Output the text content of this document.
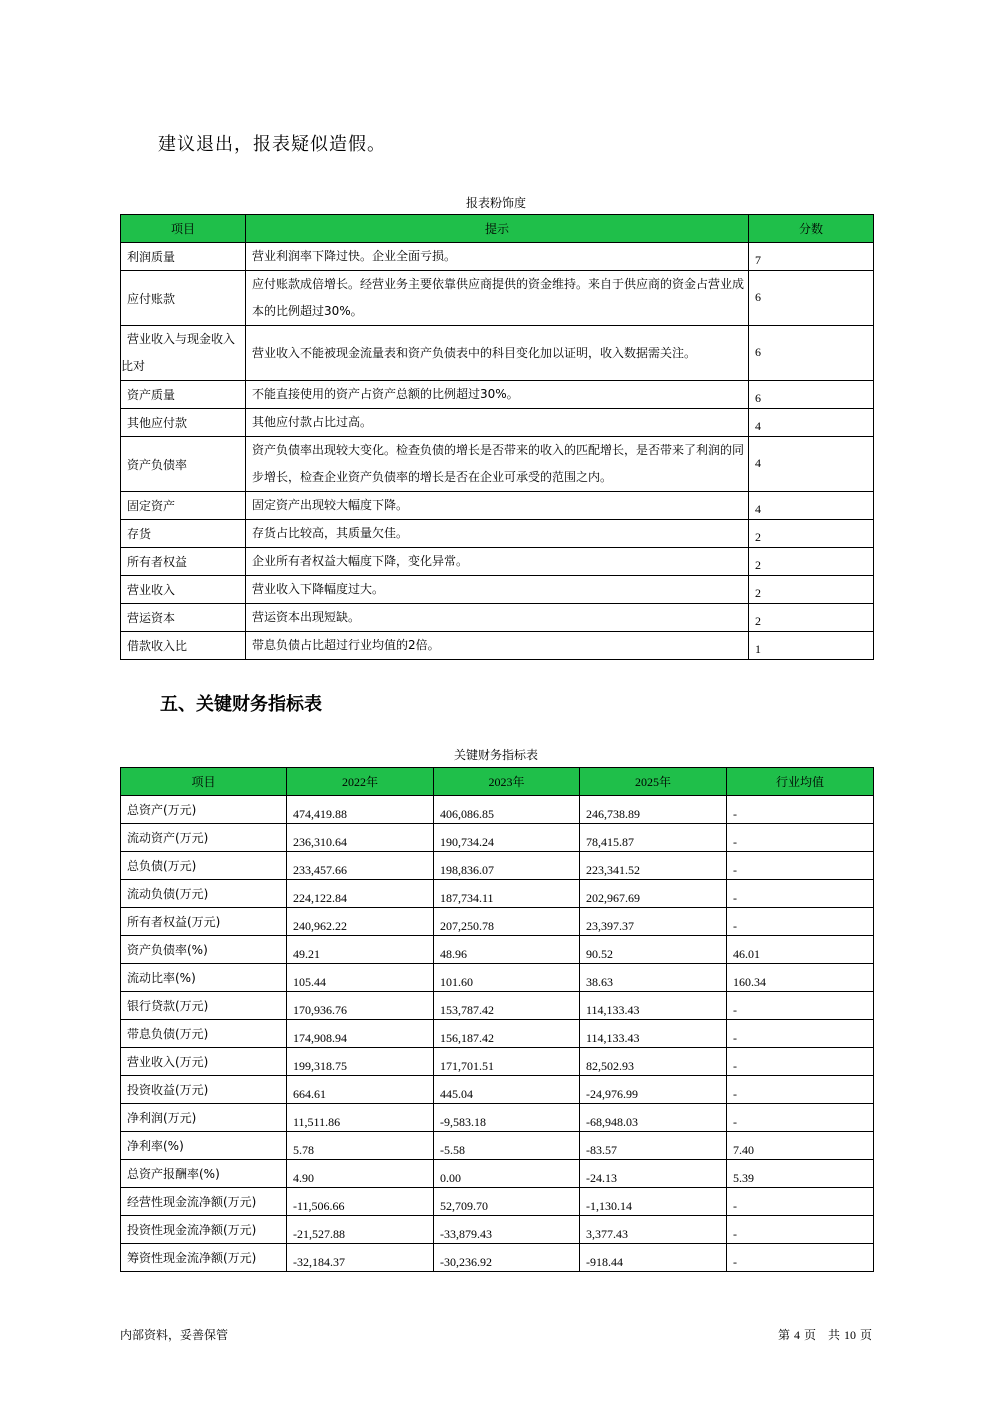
建议退出，报表疑似造假。
报表粉饰度
项目	提示	分数
利润质量	营业利润率下降过快。企业全面亏损。	7
应付账款	应付账款成倍增长。经营业务主要依靠供应商提供的资金维持。来自于供应商的资金占营业成本的比例超过30%。	6
营业收入与现金收入比对	营业收入不能被现金流量表和资产负债表中的科目变化加以证明，收入数据需关注。	6
资产质量	不能直接使用的资产占资产总额的比例超过30%。	6
其他应付款	其他应付款占比过高。	4
资产负债率	资产负债率出现较大变化。检查负债的增长是否带来的收入的匹配增长，是否带来了利润的同步增长，检查企业资产负债率的增长是否在企业可承受的范围之内。	4
固定资产	固定资产出现较大幅度下降。	4
存货	存货占比较高，其质量欠佳。	2
所有者权益	企业所有者权益大幅度下降，变化异常。	2
营业收入	营业收入下降幅度过大。	2
营运资本	营运资本出现短缺。	2
借款收入比	带息负债占比超过行业均值的2倍。	1
五、关键财务指标表
关键财务指标表
项目	2022年	2023年	2025年	行业均值
总资产(万元)	474,419.88	406,086.85	246,738.89	-
流动资产(万元)	236,310.64	190,734.24	78,415.87	-
总负债(万元)	233,457.66	198,836.07	223,341.52	-
流动负债(万元)	224,122.84	187,734.11	202,967.69	-
所有者权益(万元)	240,962.22	207,250.78	23,397.37	-
资产负债率(%)	49.21	48.96	90.52	46.01
流动比率(%)	105.44	101.60	38.63	160.34
银行贷款(万元)	170,936.76	153,787.42	114,133.43	-
带息负债(万元)	174,908.94	156,187.42	114,133.43	-
营业收入(万元)	199,318.75	171,701.51	82,502.93	-
投资收益(万元)	664.61	445.04	-24,976.99	-
净利润(万元)	11,511.86	-9,583.18	-68,948.03	-
净利率(%)	5.78	-5.58	-83.57	7.40
总资产报酬率(%)	4.90	0.00	-24.13	5.39
经营性现金流净额(万元)	-11,506.66	52,709.70	-1,130.14	-
投资性现金流净额(万元)	-21,527.88	-33,879.43	3,377.43	-
筹资性现金流净额(万元)	-32,184.37	-30,236.92	-918.44	-
内部资料，妥善保管	第 4 页　共 10 页
